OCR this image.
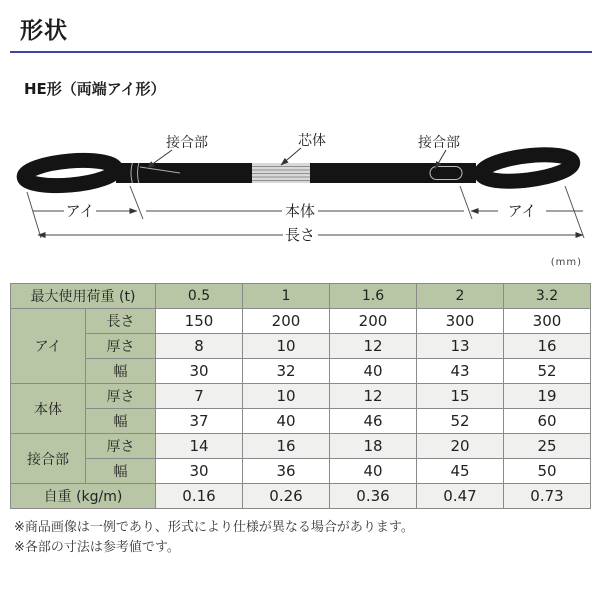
形状
HE形（両端アイ形）
接合部	芯体	接合部
アイ	本体	アイ
長さ
(mm)
最大使用荷重 (t)		0.5	1	1.6	2	3.2
アイ	長さ	150	200	200	300	300
	厚さ	8	10	12	13	16
	幅	30	32	40	43	52
本体	厚さ	7	10	12	15	19
	幅	37	40	46	52	60
接合部	厚さ	14	16	18	20	25
	幅	30	36	40	45	50
自重 (kg/m)		0.16	0.26	0.36	0.47	0.73
※商品画像は一例であり、形式により仕様が異なる場合があります。
※各部の寸法は参考値です。
